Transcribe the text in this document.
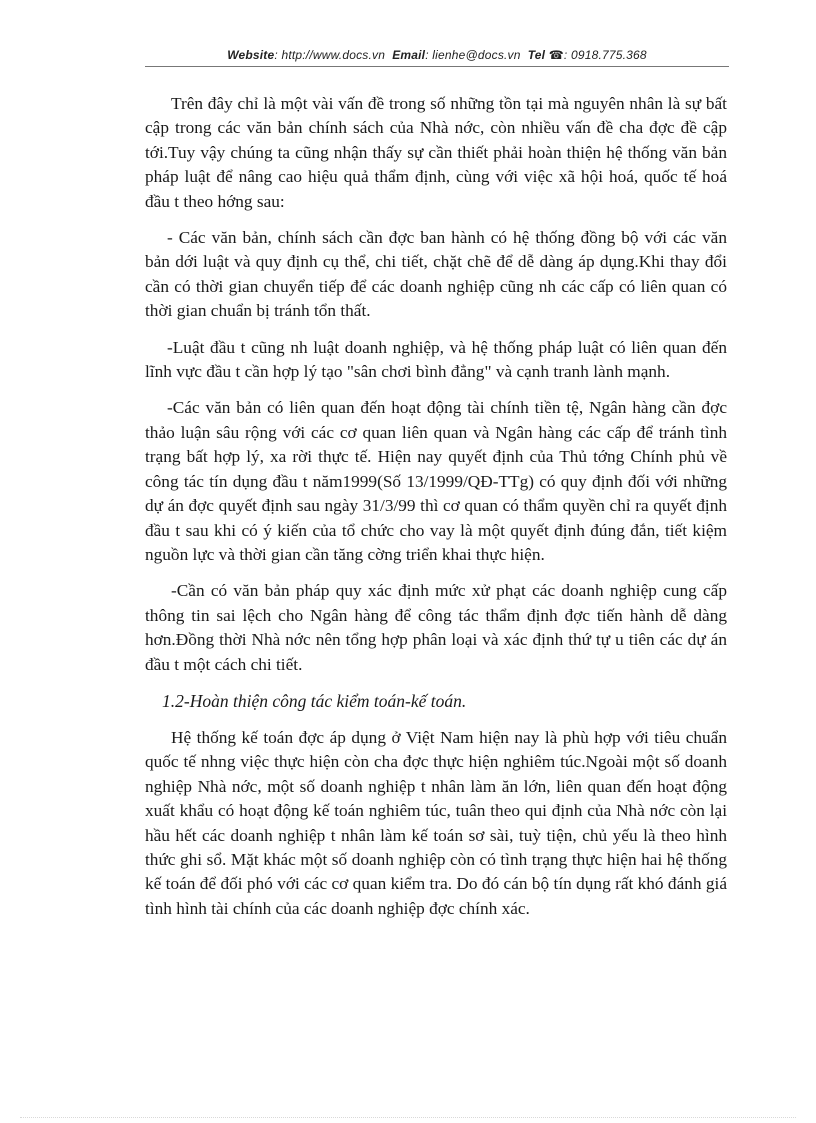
Website: http://www.docs.vn Email: lienhe@docs.vn Tel ☎: 0918.775.368

Trên đây chỉ là một vài vấn đề trong số những tồn tại mà nguyên nhân là sự bất cập trong các văn bản chính sách của Nhà nớc, còn nhiều vấn đề cha đợc đề cập tới.Tuy vậy chúng ta cũng nhận thấy sự cần thiết phải hoàn thiện hệ thống văn bản pháp luật để nâng cao hiệu quả thẩm định, cùng với việc xã hội hoá, quốc tế hoá đầu t theo hớng sau:

- Các văn bản, chính sách cần đợc ban hành có hệ thống đồng bộ với các văn bản dới luật và quy định cụ thể, chi tiết, chặt chẽ để dễ dàng áp dụng.Khi thay đổi cần có thời gian chuyển tiếp để các doanh nghiệp cũng nh các cấp có liên quan có thời gian chuẩn bị tránh tổn thất.

-Luật đầu t cũng nh luật doanh nghiệp, và hệ thống pháp luật có liên quan đến lĩnh vực đầu t cần hợp lý tạo "sân chơi bình đẳng" và cạnh tranh lành mạnh.

-Các văn bản có liên quan đến hoạt động tài chính tiền tệ, Ngân hàng cần đợc thảo luận sâu rộng với các cơ quan liên quan và Ngân hàng các cấp để tránh tình trạng bất hợp lý, xa rời thực tế. Hiện nay quyết định của Thủ tớng Chính phủ về công tác tín dụng đầu t năm1999(Số 13/1999/QĐ-TTg) có quy định đối với những dự án đợc quyết định sau ngày 31/3/99 thì cơ quan có thẩm quyền chỉ ra quyết định đầu t sau khi có ý kiến của tổ chức cho vay là một quyết định đúng đắn, tiết kiệm nguồn lực và thời gian cần tăng cờng triển khai thực hiện.

-Cần có văn bản pháp quy xác định mức xử phạt các doanh nghiệp cung cấp thông tin sai lệch cho Ngân hàng để công tác thẩm định đợc tiến hành dễ dàng hơn.Đồng thời Nhà nớc nên tổng hợp phân loại và xác định thứ tự u tiên các dự án đầu t một cách chi tiết.

1.2-Hoàn thiện công tác kiểm toán-kế toán.

Hệ thống kế toán đợc áp dụng ở Việt Nam hiện nay là phù hợp với tiêu chuẩn quốc tế nhng việc thực hiện còn cha đợc thực hiện nghiêm túc.Ngoài một số doanh nghiệp Nhà nớc, một số doanh nghiệp t nhân làm ăn lớn, liên quan đến hoạt động xuất khẩu có hoạt động kế toán nghiêm túc, tuân theo qui định của Nhà nớc còn lại hầu hết các doanh nghiệp t nhân làm kế toán sơ sài, tuỳ tiện, chủ yếu là theo hình thức ghi sổ. Mặt khác một số doanh nghiệp còn có tình trạng thực hiện hai hệ thống kế toán để đối phó với các cơ quan kiểm tra. Do đó cán bộ tín dụng rất khó đánh giá tình hình tài chính của các doanh nghiệp đợc chính xác.
